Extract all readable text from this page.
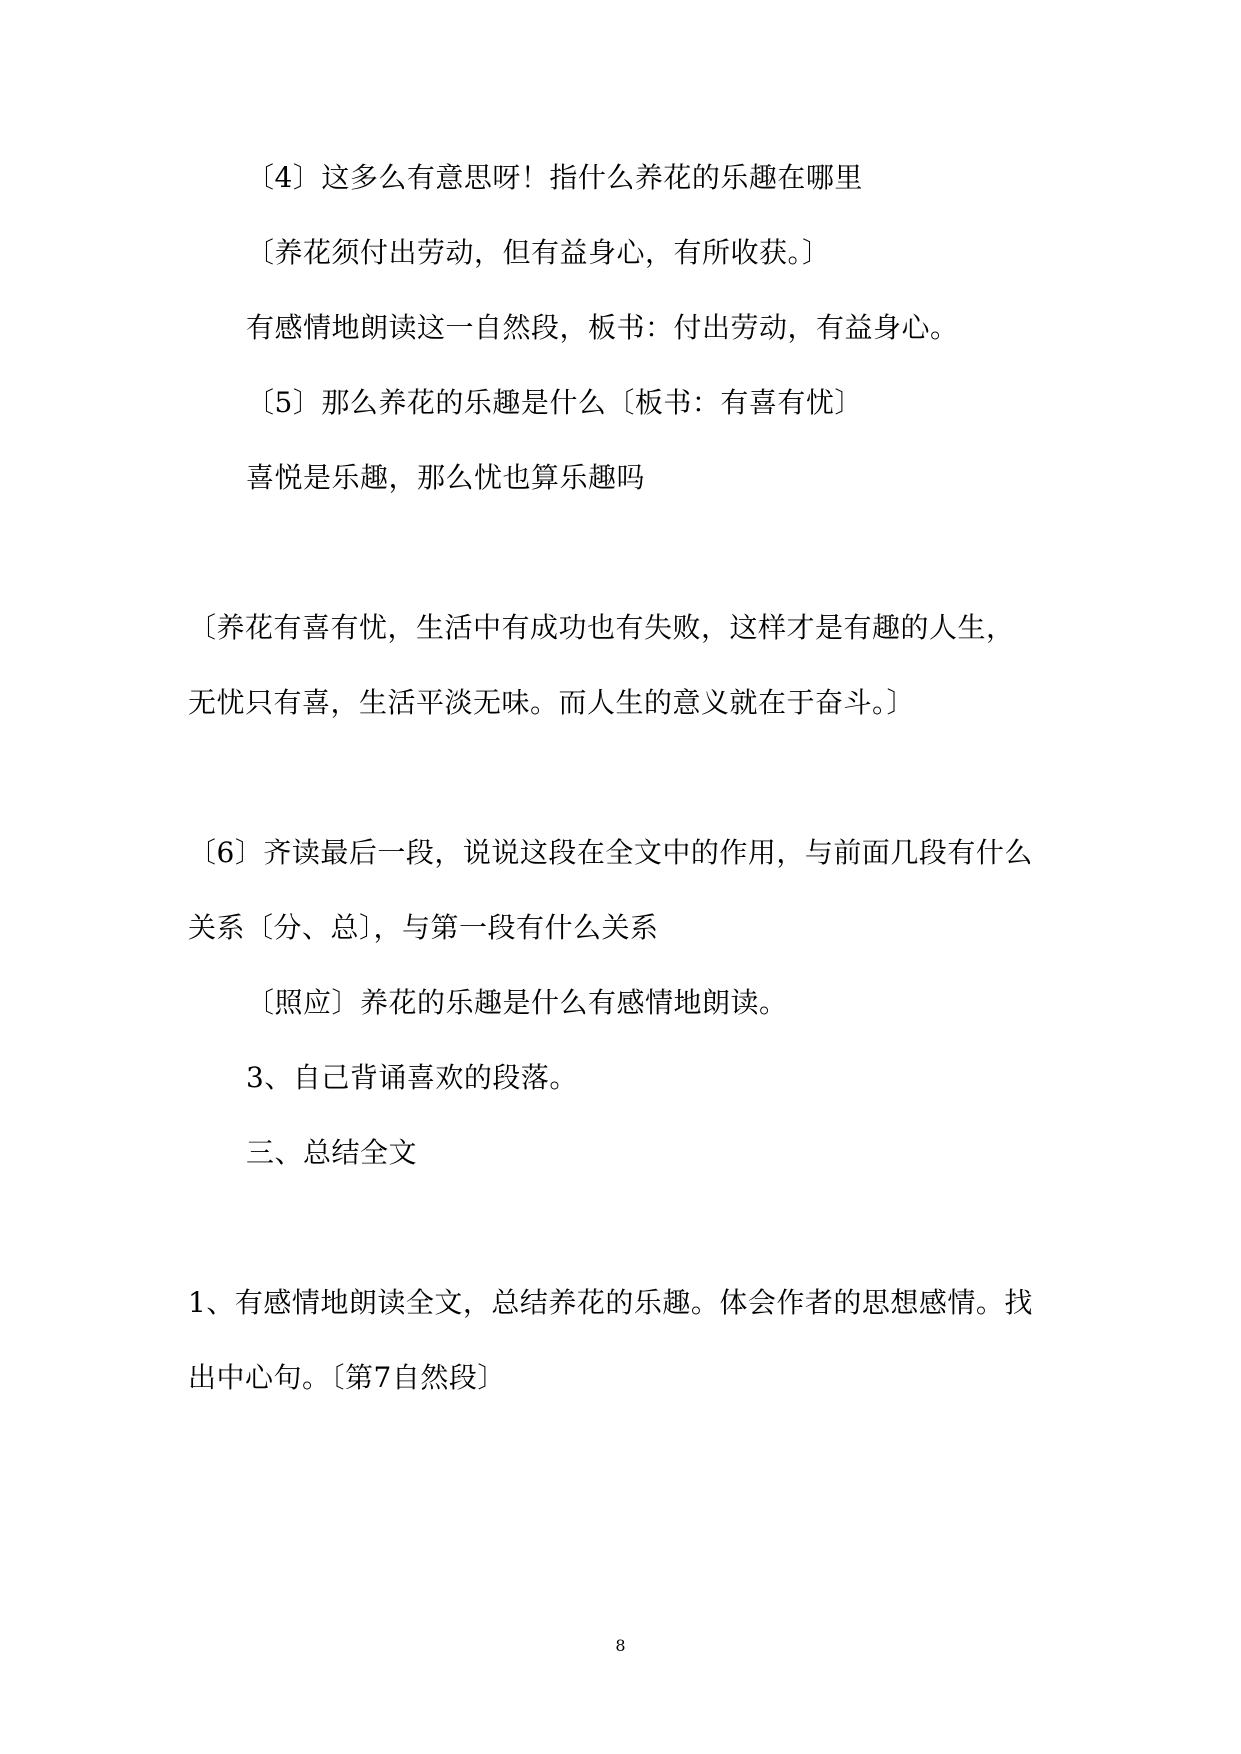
〔4〕这多么有意思呀！指什么养花的乐趣在哪里
〔养花须付出劳动，但有益身心，有所收获。〕
有感情地朗读这一自然段，板书：付出劳动，有益身心。
〔5〕那么养花的乐趣是什么〔板书：有喜有忧〕
喜悦是乐趣，那么忧也算乐趣吗
〔养花有喜有忧，生活中有成功也有失败，这样才是有趣的人生，
无忧只有喜，生活平淡无味。而人生的意义就在于奋斗。〕
〔6〕齐读最后一段，说说这段在全文中的作用，与前面几段有什么
关系〔分、总〕，与第一段有什么关系
〔照应〕养花的乐趣是什么有感情地朗读。
3、自己背诵喜欢的段落。
三、总结全文
1、有感情地朗读全文，总结养花的乐趣。体会作者的思想感情。找
出中心句。〔第7自然段〕
8
